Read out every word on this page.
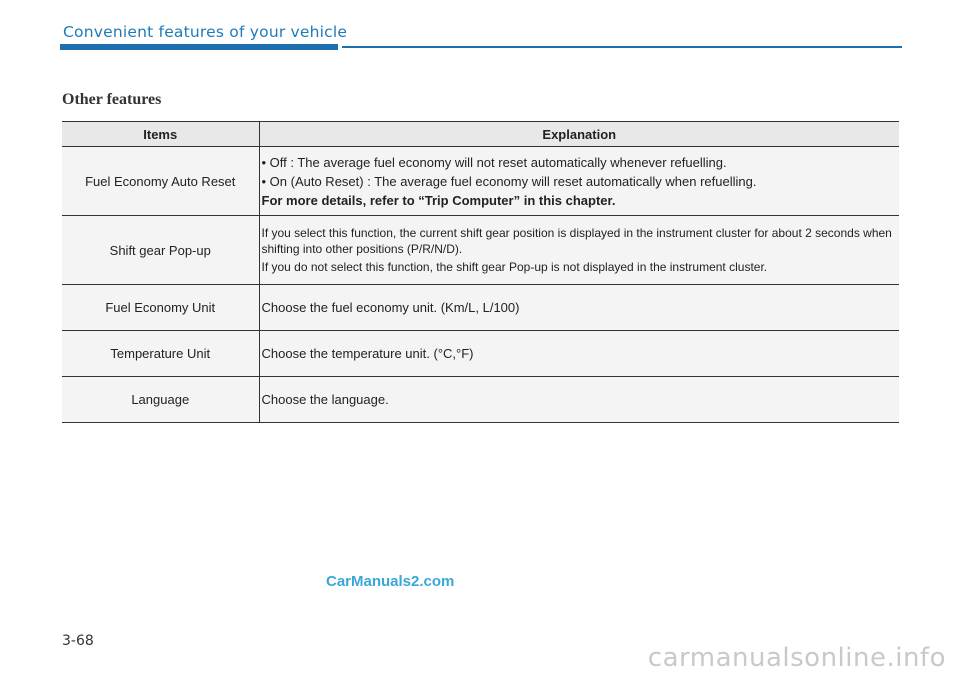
Convenient features of your vehicle
Other features
Items	Explanation
Fuel Economy Auto Reset	• Off : The average fuel economy will not reset automatically whenever refuelling.
• On (Auto Reset) : The average fuel economy will reset automatically when refuelling.
For more details, refer to “Trip Computer” in this chapter.

Shift gear Pop-up	If you select this function, the current shift gear position is displayed in the instrument cluster for about 2 seconds when shifting into other positions (P/R/N/D).
If you do not select this function, the shift gear Pop-up is not displayed in the instrument cluster.

Fuel Economy Unit	Choose the fuel economy unit. (Km/L, L/100)

Temperature Unit	Choose the temperature unit. (°C,°F)

Language	Choose the language.
CarManuals2.com
3-68
carmanualsonline.info
